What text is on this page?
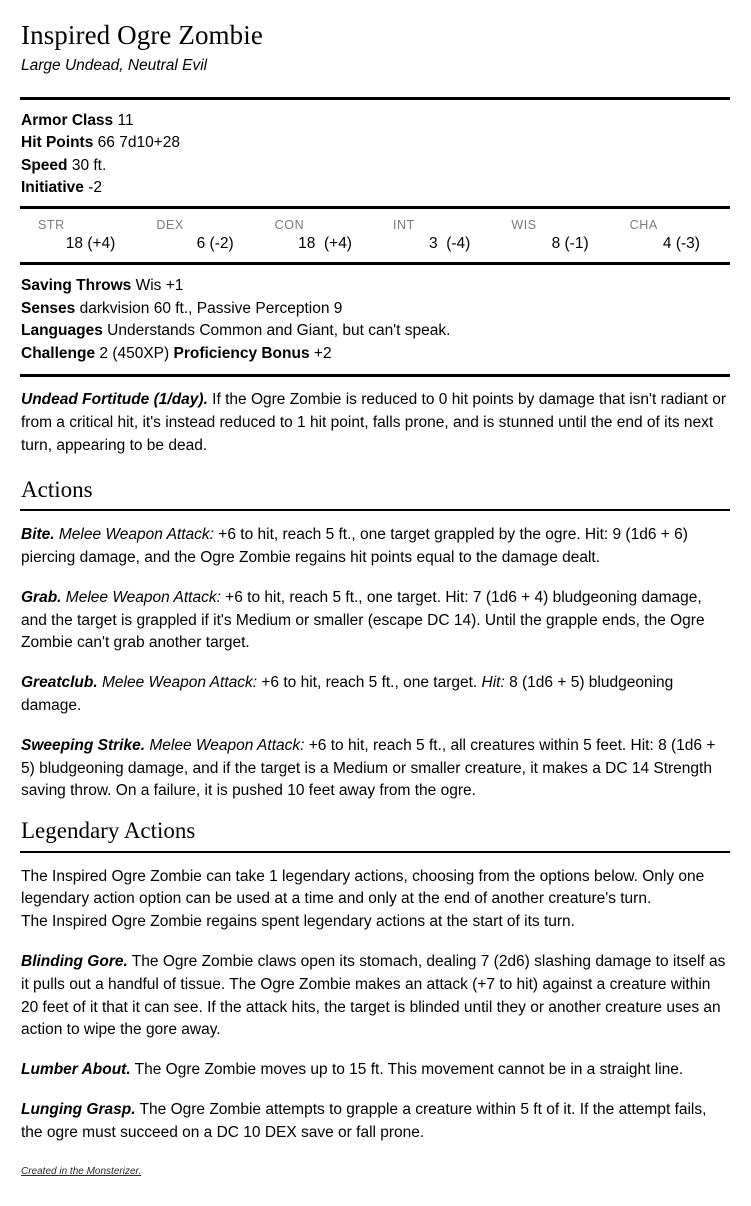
Inspired Ogre Zombie
Large Undead, Neutral Evil

Armor Class 11

Hit Points 66 7d10+28

Speed 30 ft.

Initiative -2

STR
18 (+4)
DEX
6 (-2)
CON
18  (+4)
INT
3  (-4)
WIS
8 (-1)
CHA
4 (-3)

Saving Throws Wis +1

Senses darkvision 60 ft., Passive Perception 9

Languages Understands Common and Giant, but can't speak.

Challenge 2 (450XP) Proficiency Bonus +2

Undead Fortitude (1/day). If the Ogre Zombie is reduced to 0 hit points by damage that isn't radiant or from a critical hit, it's instead reduced to 1 hit point, falls prone, and is stunned until the end of its next turn, appearing to be dead.

Actions

Bite. Melee Weapon Attack: +6 to hit, reach 5 ft., one target grappled by the ogre. Hit: 9 (1d6 + 6) piercing damage, and the Ogre Zombie regains hit points equal to the damage dealt.

Grab. Melee Weapon Attack: +6 to hit, reach 5 ft., one target. Hit: 7 (1d6 + 4) bludgeoning damage, and the target is grappled if it's Medium or smaller (escape DC 14). Until the grapple ends, the Ogre Zombie can't grab another target.

Greatclub. Melee Weapon Attack: +6 to hit, reach 5 ft., one target. Hit: 8 (1d6 + 5) bludgeoning damage.

Sweeping Strike. Melee Weapon Attack: +6 to hit, reach 5 ft., all creatures within 5 feet. Hit: 8 (1d6 + 5) bludgeoning damage, and if the target is a Medium or smaller creature, it makes a DC 14 Strength saving throw. On a failure, it is pushed 10 feet away from the ogre.

Legendary Actions

The Inspired Ogre Zombie can take 1 legendary actions, choosing from the options below. Only one legendary action option can be used at a time and only at the end of another creature's turn.
The Inspired Ogre Zombie regains spent legendary actions at the start of its turn.

Blinding Gore. The Ogre Zombie claws open its stomach, dealing 7 (2d6) slashing damage to itself as it pulls out a handful of tissue. The Ogre Zombie makes an attack (+7 to hit) against a creature within 20 feet of it that it can see. If the attack hits, the target is blinded until they or another creature uses an action to wipe the gore away.

Lumber About. The Ogre Zombie moves up to 15 ft. This movement cannot be in a straight line.

Lunging Grasp. The Ogre Zombie attempts to grapple a creature within 5 ft of it. If the attempt fails, the ogre must succeed on a DC 10 DEX save or fall prone.

Created in the Monsterizer.
